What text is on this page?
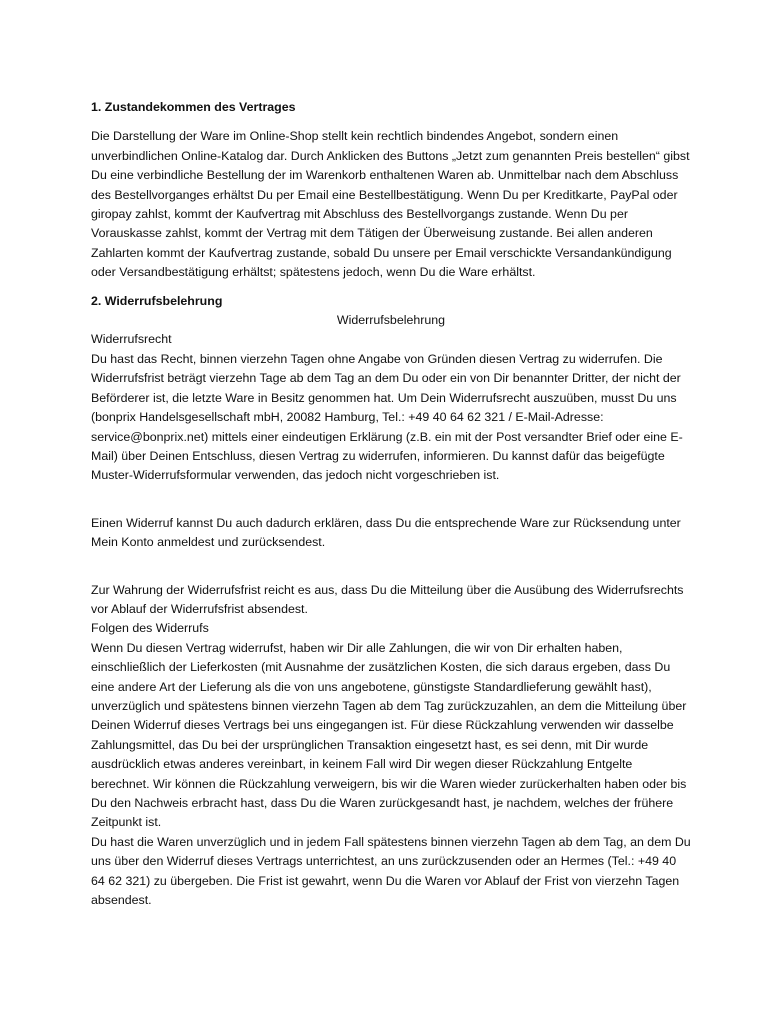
1. Zustandekommen des Vertrages

Die Darstellung der Ware im Online-Shop stellt kein rechtlich bindendes Angebot, sondern einen unverbindlichen Online-Katalog dar. Durch Anklicken des Buttons „Jetzt zum genannten Preis bestellen“ gibst Du eine verbindliche Bestellung der im Warenkorb enthaltenen Waren ab. Unmittelbar nach dem Abschluss des Bestellvorganges erhältst Du per Email eine Bestellbestätigung. Wenn Du per Kreditkarte, PayPal oder giropay zahlst, kommt der Kaufvertrag mit Abschluss des Bestellvorgangs zustande. Wenn Du per Vorauskasse zahlst, kommt der Vertrag mit dem Tätigen der Überweisung zustande. Bei allen anderen Zahlarten kommt der Kaufvertrag zustande, sobald Du unsere per Email verschickte Versandankündigung oder Versandbestätigung erhältst; spätestens jedoch, wenn Du die Ware erhältst.

2. Widerrufsbelehrung

Widerrufsbelehrung

Widerrufsrecht

Du hast das Recht, binnen vierzehn Tagen ohne Angabe von Gründen diesen Vertrag zu widerrufen. Die Widerrufsfrist beträgt vierzehn Tage ab dem Tag an dem Du oder ein von Dir benannter Dritter, der nicht der Beförderer ist, die letzte Ware in Besitz genommen hat. Um Dein Widerrufsrecht auszuüben, musst Du uns (bonprix Handelsgesellschaft mbH, 20082 Hamburg, Tel.: +49 40 64 62 321 / E-Mail-Adresse: service@bonprix.net) mittels einer eindeutigen Erklärung (z.B. ein mit der Post versandter Brief oder eine E-Mail) über Deinen Entschluss, diesen Vertrag zu widerrufen, informieren. Du kannst dafür das beigefügte Muster-Widerrufsformular verwenden, das jedoch nicht vorgeschrieben ist.

Einen Widerruf kannst Du auch dadurch erklären, dass Du die entsprechende Ware zur Rücksendung unter Mein Konto anmeldest und zurücksendest.

Zur Wahrung der Widerrufsfrist reicht es aus, dass Du die Mitteilung über die Ausübung des Widerrufsrechts vor Ablauf der Widerrufsfrist absendest.

Folgen des Widerrufs

Wenn Du diesen Vertrag widerrufst, haben wir Dir alle Zahlungen, die wir von Dir erhalten haben, einschließlich der Lieferkosten (mit Ausnahme der zusätzlichen Kosten, die sich daraus ergeben, dass Du eine andere Art der Lieferung als die von uns angebotene, günstigste Standardlieferung gewählt hast), unverzüglich und spätestens binnen vierzehn Tagen ab dem Tag zurückzuzahlen, an dem die Mitteilung über Deinen Widerruf dieses Vertrags bei uns eingegangen ist. Für diese Rückzahlung verwenden wir dasselbe Zahlungsmittel, das Du bei der ursprünglichen Transaktion eingesetzt hast, es sei denn, mit Dir wurde ausdrücklich etwas anderes vereinbart, in keinem Fall wird Dir wegen dieser Rückzahlung Entgelte berechnet. Wir können die Rückzahlung verweigern, bis wir die Waren wieder zurückerhalten haben oder bis Du den Nachweis erbracht hast, dass Du die Waren zurückgesandt hast, je nachdem, welches der frühere Zeitpunkt ist.

Du hast die Waren unverzüglich und in jedem Fall spätestens binnen vierzehn Tagen ab dem Tag, an dem Du uns über den Widerruf dieses Vertrags unterrichtest, an uns zurückzusenden oder an Hermes (Tel.: +49 40 64 62 321) zu übergeben. Die Frist ist gewahrt, wenn Du die Waren vor Ablauf der Frist von vierzehn Tagen absendest.
